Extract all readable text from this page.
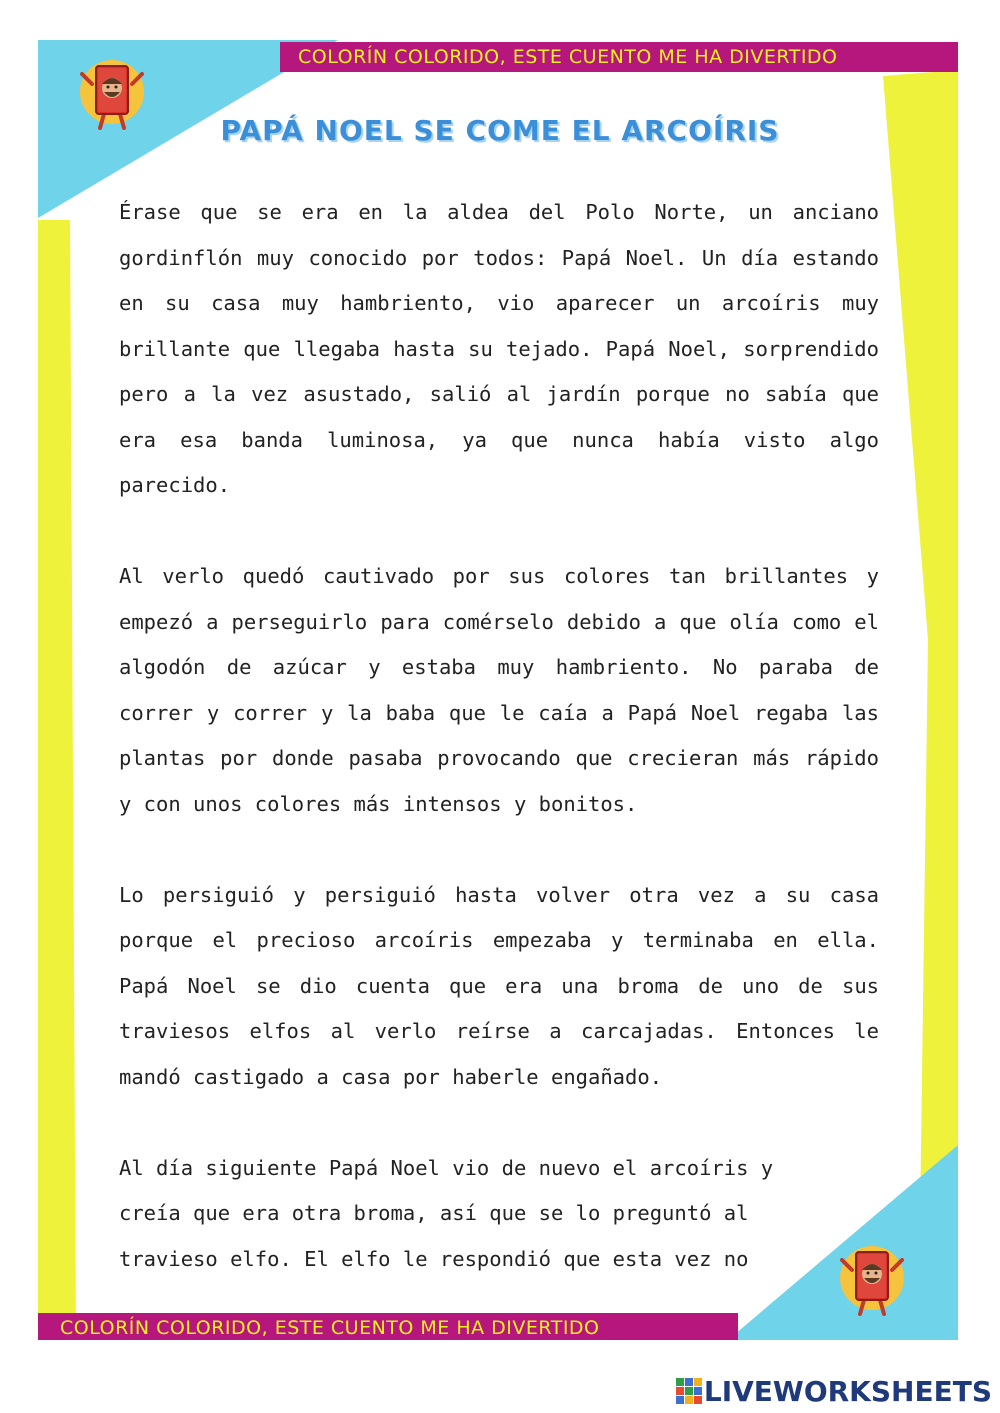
COLORÍN COLORIDO, ESTE CUENTO ME HA DIVERTIDO
COLORÍN COLORIDO, ESTE CUENTO ME HA DIVERTIDO
PAPÁ NOEL SE COME EL ARCOÍRIS

Érase que se era en la aldea del Polo Norte, un anciano gordinflón muy conocido por todos: Papá Noel. Un día estando en su casa muy hambriento, vio aparecer un arcoíris muy brillante que llegaba hasta su tejado. Papá Noel, sorprendido pero a la vez asustado, salió al jardín porque no sabía que era esa banda luminosa, ya que nunca había visto algo parecido.

Al verlo quedó cautivado por sus colores tan brillantes y empezó a perseguirlo para comérselo debido a que olía como el algodón de azúcar y estaba muy hambriento. No paraba de correr y correr y la baba que le caía a Papá Noel regaba las plantas por donde pasaba provocando que crecieran más rápido y con unos colores más intensos y bonitos.

Lo persiguió y persiguió hasta volver otra vez a su casa porque el precioso arcoíris empezaba y terminaba en ella. Papá Noel se dio cuenta que era una broma de uno de sus traviesos elfos al verlo reírse a carcajadas. Entonces le mandó castigado a casa por haberle engañado.

Al día siguiente Papá Noel vio de nuevo el arcoíris y creía que era otra broma, así que se lo preguntó al travieso elfo. El elfo le respondió que esta vez no

LIVEWORKSHEETS
